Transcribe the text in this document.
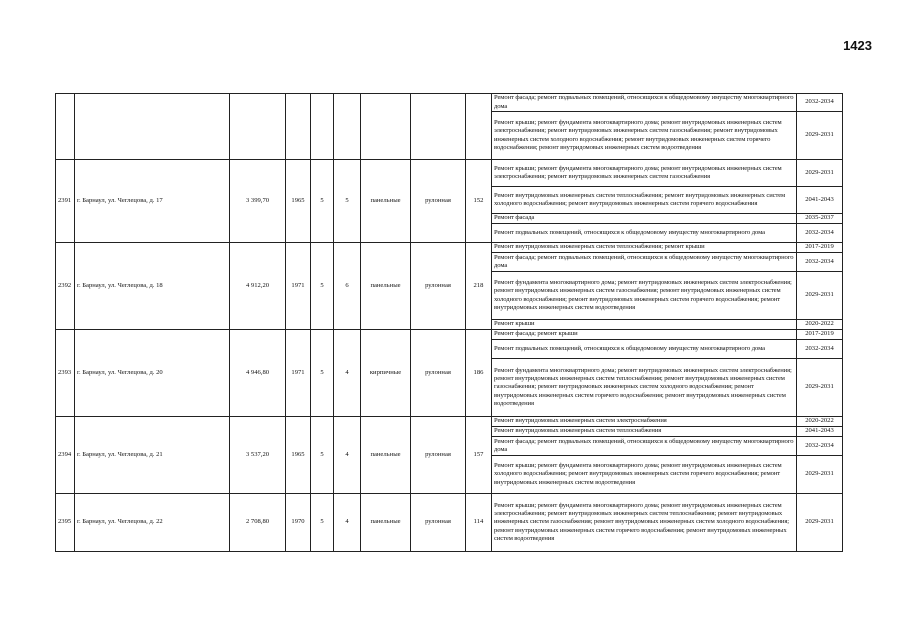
1423
									Ремонт фасада; ремонт подвальных помещений, относящихся к общедомовому имуществу многоквартирного дома	2032-2034
									Ремонт крыши; ремонт фундамента многоквартирного дома; ремонт внутридомовых инженерных систем электроснабжения; ремонт внутридомовых инженерных систем газоснабжения; ремонт внутридомовых инженерных систем холодного водоснабжения; ремонт внутридомовых инженерных систем горячего водоснабжения; ремонт внутридомовых инженерных систем водоотведения	2029-2031
2391	г. Барнаул, ул. Чеглецова, д. 17	3 399,70	1965	5	5	панельные	рулонная	152	Ремонт крыши; ремонт фундамента многоквартирного дома; ремонт внутридомовых инженерных систем электроснабжения; ремонт внутридомовых инженерных систем газоснабжения	2029-2031
									Ремонт внутридомовых инженерных систем теплоснабжения; ремонт внутридомовых инженерных систем холодного водоснабжения; ремонт внутридомовых инженерных систем горячего водоснабжения	2041-2043
									Ремонт фасада	2035-2037
									Ремонт подвальных помещений, относящихся к общедомовому имуществу многоквартирного дома	2032-2034
2392	г. Барнаул, ул. Чеглецова, д. 18	4 912,20	1971	5	6	панельные	рулонная	218	Ремонт внутридомовых инженерных систем теплоснабжения; ремонт крыши	2017-2019
									Ремонт фасада; ремонт подвальных помещений, относящихся к общедомовому имуществу многоквартирного дома	2032-2034
									Ремонт фундамента многоквартирного дома; ремонт внутридомовых инженерных систем электроснабжения; ремонт внутридомовых инженерных систем газоснабжения; ремонт внутридомовых инженерных систем холодного водоснабжения; ремонт внутридомовых инженерных систем горячего водоснабжения; ремонт внутридомовых инженерных систем водоотведения	2029-2031
									Ремонт крыши	2020-2022
2393	г. Барнаул, ул. Чеглецова, д. 20	4 946,80	1971	5	4	кирпичные	рулонная	186	Ремонт фасада; ремонт крыши	2017-2019
									Ремонт подвальных помещений, относящихся к общедомовому имуществу многоквартирного дома	2032-2034
									Ремонт фундамента многоквартирного дома; ремонт внутридомовых инженерных систем электроснабжения; ремонт внутридомовых инженерных систем теплоснабжения; ремонт внутридомовых инженерных систем газоснабжения; ремонт внутридомовых инженерных систем холодного водоснабжения; ремонт внутридомовых инженерных систем горячего водоснабжения; ремонт внутридомовых инженерных систем водоотведения	2029-2031
2394	г. Барнаул, ул. Чеглецова, д. 21	3 537,20	1965	5	4	панельные	рулонная	157	Ремонт внутридомовых инженерных систем электроснабжения	2020-2022
									Ремонт внутридомовых инженерных систем теплоснабжения	2041-2043
									Ремонт фасада; ремонт подвальных помещений, относящихся к общедомовому имуществу многоквартирного дома	2032-2034
									Ремонт крыши; ремонт фундамента многоквартирного дома; ремонт внутридомовых инженерных систем холодного водоснабжения; ремонт внутридомовых инженерных систем горячего водоснабжения; ремонт внутридомовых инженерных систем водоотведения	2029-2031
2395	г. Барнаул, ул. Чеглецова, д. 22	2 708,80	1970	5	4	панельные	рулонная	114	Ремонт крыши; ремонт фундамента многоквартирного дома; ремонт внутридомовых инженерных систем электроснабжения; ремонт внутридомовых инженерных систем теплоснабжения; ремонт внутридомовых инженерных систем газоснабжения; ремонт внутридомовых инженерных систем холодного водоснабжения; ремонт внутридомовых инженерных систем горячего водоснабжения; ремонт внутридомовых инженерных систем водоотведения	2029-2031
